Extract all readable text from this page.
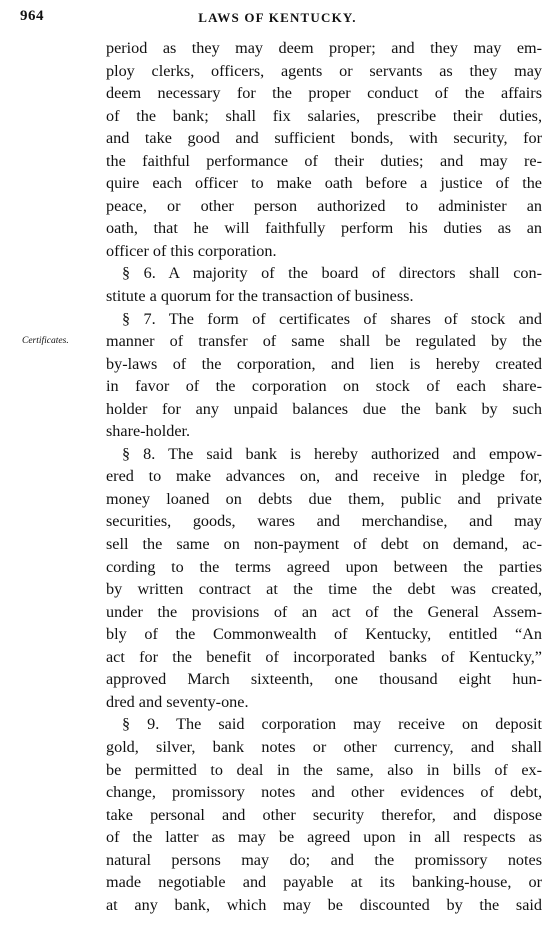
964	LAWS OF KENTUCKY.
Certificates.
period as they may deem proper; and they may em-
ploy clerks, officers, agents or servants as they may
deem necessary for the proper conduct of the affairs
of the bank; shall fix salaries, prescribe their duties,
and take good and sufficient bonds, with security, for
the faithful performance of their duties; and may re-
quire each officer to make oath before a justice of the
peace, or other person authorized to administer an
oath, that he will faithfully perform his duties as an
officer of this corporation.
§ 6. A majority of the board of directors shall con-
stitute a quorum for the transaction of business.
§ 7. The form of certificates of shares of stock and
manner of transfer of same shall be regulated by the
by-laws of the corporation, and lien is hereby created
in favor of the corporation on stock of each share-
holder for any unpaid balances due the bank by such
share-holder.
§ 8. The said bank is hereby authorized and empow-
ered to make advances on, and receive in pledge for,
money loaned on debts due them, public and private
securities, goods, wares and merchandise, and may
sell the same on non-payment of debt on demand, ac-
cording to the terms agreed upon between the parties
by written contract at the time the debt was created,
under the provisions of an act of the General Assem-
bly of the Commonwealth of Kentucky, entitled “An
act for the benefit of incorporated banks of Kentucky,”
approved March sixteenth, one thousand eight hun-
dred and seventy-one.
§ 9. The said corporation may receive on deposit
gold, silver, bank notes or other currency, and shall
be permitted to deal in the same, also in bills of ex-
change, promissory notes and other evidences of debt,
take personal and other security therefor, and dispose
of the latter as may be agreed upon in all respects as
natural persons may do; and the promissory notes
made negotiable and payable at its banking-house, or
at any bank, which may be discounted by the said
